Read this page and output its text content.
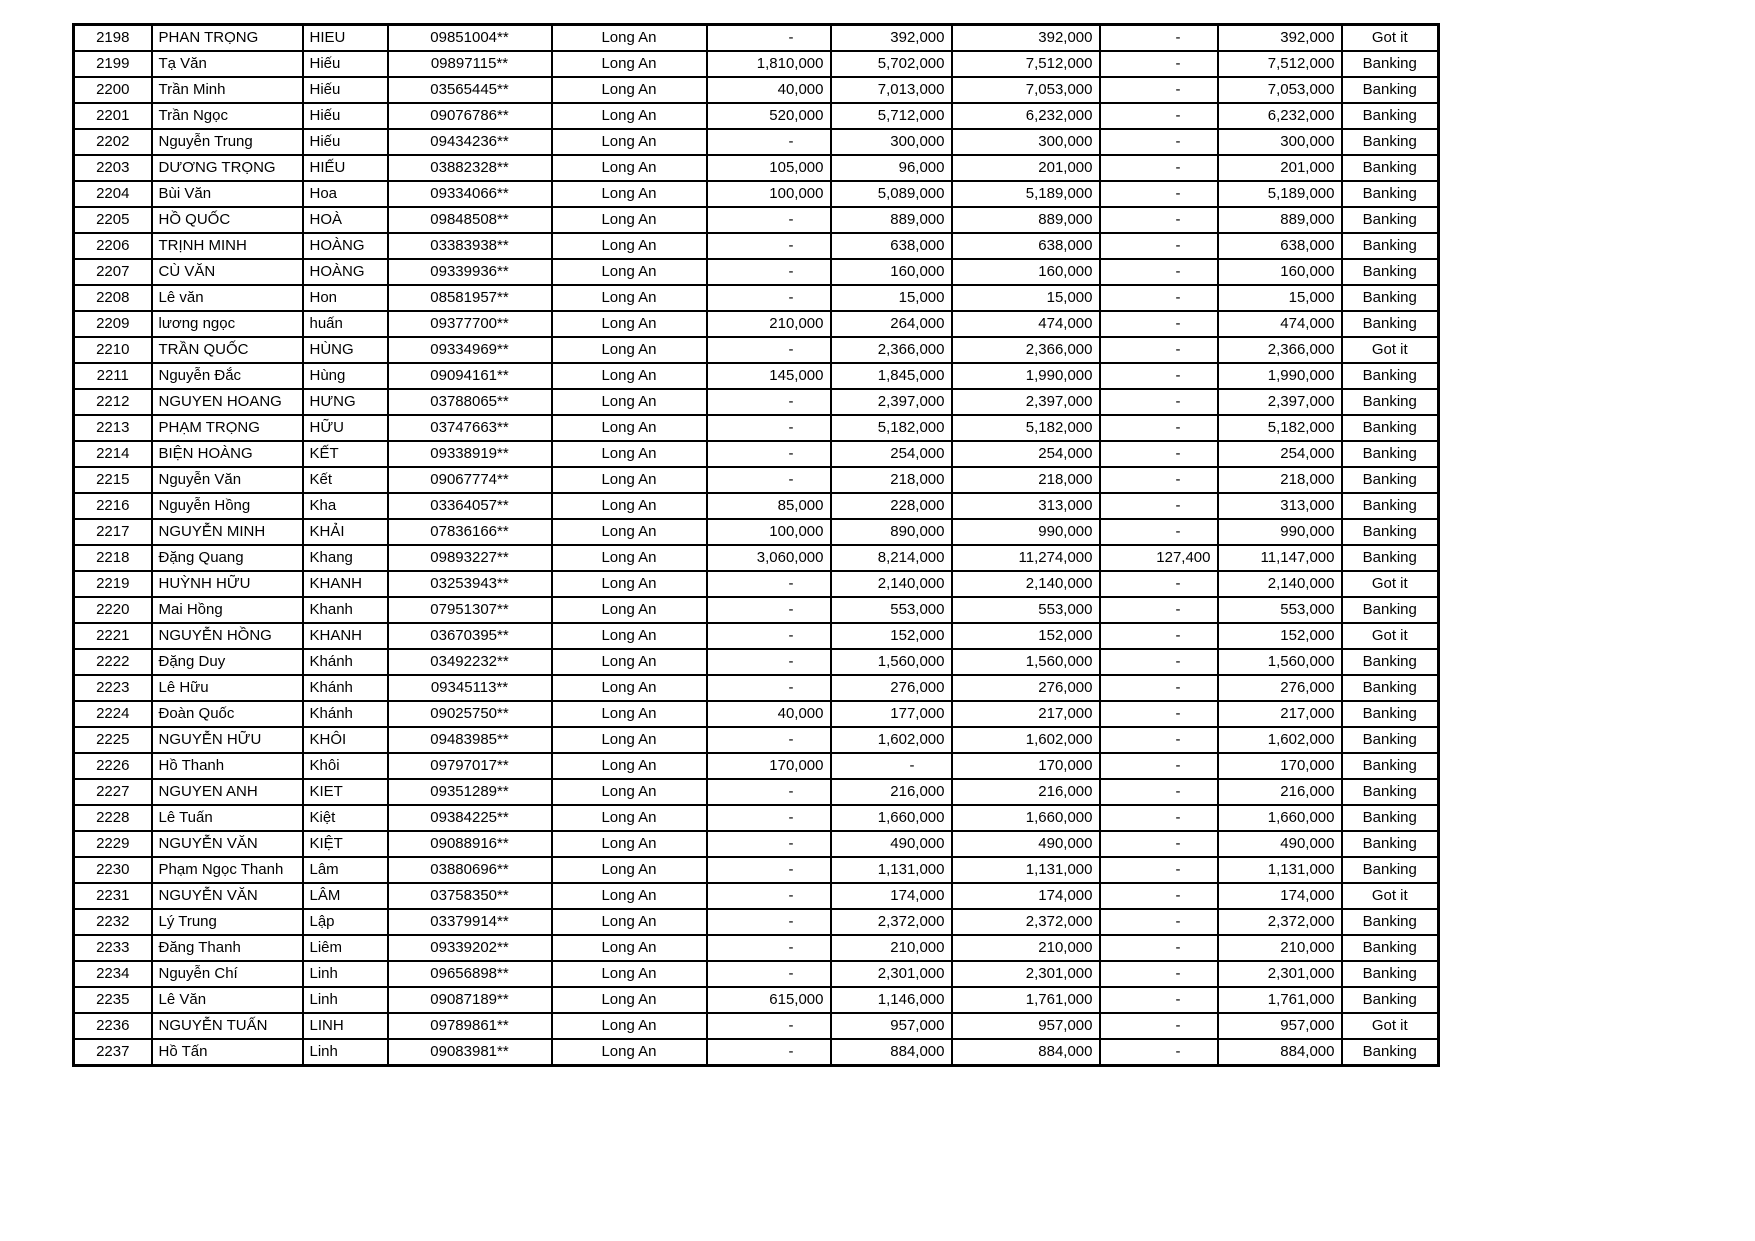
2198	PHAN TRỌNG	HIEU	09851004**	Long An	-	392,000	392,000	-	392,000	Got it
2199	Tạ Văn	Hiếu	09897115**	Long An	1,810,000	5,702,000	7,512,000	-	7,512,000	Banking
2200	Trần Minh	Hiếu	03565445**	Long An	40,000	7,013,000	7,053,000	-	7,053,000	Banking
2201	Trần Ngọc	Hiếu	09076786**	Long An	520,000	5,712,000	6,232,000	-	6,232,000	Banking
2202	Nguyễn Trung	Hiếu	09434236**	Long An	-	300,000	300,000	-	300,000	Banking
2203	DƯƠNG TRỌNG	HIẾU	03882328**	Long An	105,000	96,000	201,000	-	201,000	Banking
2204	Bùi Văn	Hoa	09334066**	Long An	100,000	5,089,000	5,189,000	-	5,189,000	Banking
2205	HỒ QUỐC	HOÀ	09848508**	Long An	-	889,000	889,000	-	889,000	Banking
2206	TRỊNH MINH	HOÀNG	03383938**	Long An	-	638,000	638,000	-	638,000	Banking
2207	CÙ VĂN	HOÀNG	09339936**	Long An	-	160,000	160,000	-	160,000	Banking
2208	Lê văn	Hon	08581957**	Long An	-	15,000	15,000	-	15,000	Banking
2209	lương ngọc	huấn	09377700**	Long An	210,000	264,000	474,000	-	474,000	Banking
2210	TRẦN QUỐC	HÙNG	09334969**	Long An	-	2,366,000	2,366,000	-	2,366,000	Got it
2211	Nguyễn Đắc	Hùng	09094161**	Long An	145,000	1,845,000	1,990,000	-	1,990,000	Banking
2212	NGUYEN HOANG	HƯNG	03788065**	Long An	-	2,397,000	2,397,000	-	2,397,000	Banking
2213	PHẠM TRỌNG	HỮU	03747663**	Long An	-	5,182,000	5,182,000	-	5,182,000	Banking
2214	BIỆN HOÀNG	KẾT	09338919**	Long An	-	254,000	254,000	-	254,000	Banking
2215	Nguyễn Văn	Kết	09067774**	Long An	-	218,000	218,000	-	218,000	Banking
2216	Nguyễn Hồng	Kha	03364057**	Long An	85,000	228,000	313,000	-	313,000	Banking
2217	NGUYỄN MINH	KHẢI	07836166**	Long An	100,000	890,000	990,000	-	990,000	Banking
2218	Đặng Quang	Khang	09893227**	Long An	3,060,000	8,214,000	11,274,000	127,400	11,147,000	Banking
2219	HUỲNH HỮU	KHANH	03253943**	Long An	-	2,140,000	2,140,000	-	2,140,000	Got it
2220	Mai Hồng	Khanh	07951307**	Long An	-	553,000	553,000	-	553,000	Banking
2221	NGUYỄN HỒNG	KHANH	03670395**	Long An	-	152,000	152,000	-	152,000	Got it
2222	Đặng Duy	Khánh	03492232**	Long An	-	1,560,000	1,560,000	-	1,560,000	Banking
2223	Lê Hữu	Khánh	09345113**	Long An	-	276,000	276,000	-	276,000	Banking
2224	Đoàn Quốc	Khánh	09025750**	Long An	40,000	177,000	217,000	-	217,000	Banking
2225	NGUYỄN HỮU	KHÔI	09483985**	Long An	-	1,602,000	1,602,000	-	1,602,000	Banking
2226	Hồ Thanh	Khôi	09797017**	Long An	170,000	-	170,000	-	170,000	Banking
2227	NGUYEN ANH	KIET	09351289**	Long An	-	216,000	216,000	-	216,000	Banking
2228	Lê Tuấn	Kiệt	09384225**	Long An	-	1,660,000	1,660,000	-	1,660,000	Banking
2229	NGUYỄN VĂN	KIỆT	09088916**	Long An	-	490,000	490,000	-	490,000	Banking
2230	Phạm Ngọc Thanh	Lâm	03880696**	Long An	-	1,131,000	1,131,000	-	1,131,000	Banking
2231	NGUYỄN VĂN	LÂM	03758350**	Long An	-	174,000	174,000	-	174,000	Got it
2232	Lý Trung	Lập	03379914**	Long An	-	2,372,000	2,372,000	-	2,372,000	Banking
2233	Đăng Thanh	Liêm	09339202**	Long An	-	210,000	210,000	-	210,000	Banking
2234	Nguyễn Chí	Linh	09656898**	Long An	-	2,301,000	2,301,000	-	2,301,000	Banking
2235	Lê Văn	Linh	09087189**	Long An	615,000	1,146,000	1,761,000	-	1,761,000	Banking
2236	NGUYỄN TUẤN	LINH	09789861**	Long An	-	957,000	957,000	-	957,000	Got it
2237	Hồ Tấn	Linh	09083981**	Long An	-	884,000	884,000	-	884,000	Banking
